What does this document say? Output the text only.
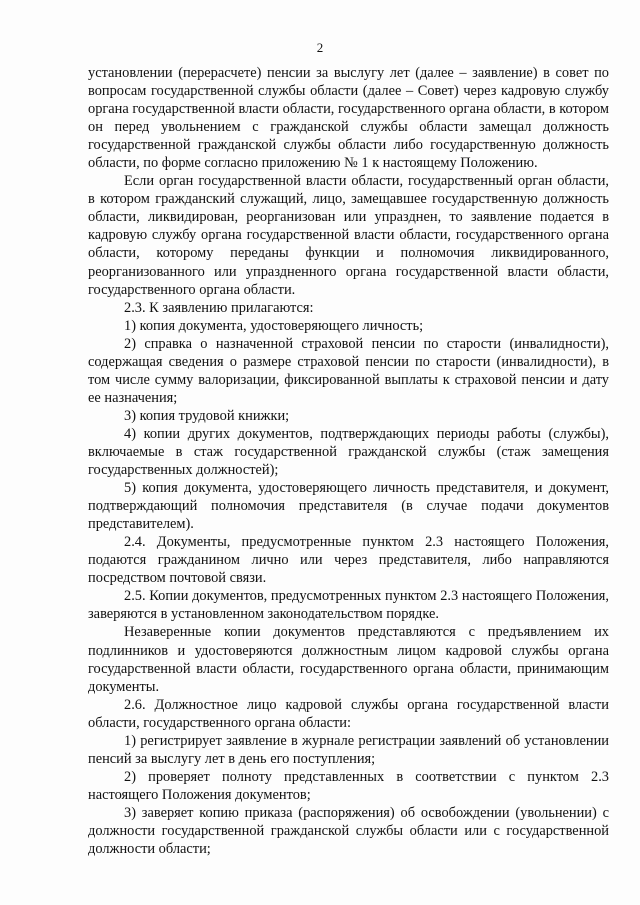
2

установлении (перерасчете) пенсии за выслугу лет (далее – заявление) в совет по вопросам государственной службы области (далее – Совет) через кадровую службу органа государственной власти области, государственного органа области, в котором он перед увольнением с гражданской службы области замещал должность государственной гражданской службы области либо государственную должность области, по форме согласно приложению № 1 к настоящему Положению.

Если орган государственной власти области, государственный орган области, в котором гражданский служащий, лицо, замещавшее государственную должность области, ликвидирован, реорганизован или упразднен, то заявление подается в кадровую службу органа государственной власти области, государственного органа области, которому переданы функции и полномочия ликвидированного, реорганизованного или упраздненного органа государственной власти области, государственного органа области.

2.3. К заявлению прилагаются:

1) копия документа, удостоверяющего личность;

2) справка о назначенной страховой пенсии по старости (инвалидности), содержащая сведения о размере страховой пенсии по старости (инвалидности), в том числе сумму валоризации, фиксированной выплаты к страховой пенсии и дату ее назначения;

3) копия трудовой книжки;

4) копии других документов, подтверждающих периоды работы (службы), включаемые в стаж государственной гражданской службы (стаж замещения государственных должностей);

5) копия документа, удостоверяющего личность представителя, и документ, подтверждающий полномочия представителя (в случае подачи документов представителем).

2.4. Документы, предусмотренные пунктом 2.3 настоящего Положения, подаются гражданином лично или через представителя, либо направляются посредством почтовой связи.

2.5. Копии документов, предусмотренных пунктом 2.3 настоящего Положения, заверяются в установленном законодательством порядке.

Незаверенные копии документов представляются с предъявлением их подлинников и удостоверяются должностным лицом кадровой службы органа государственной власти области, государственного органа области, принимающим документы.

2.6. Должностное лицо кадровой службы органа государственной власти области, государственного органа области:

1) регистрирует заявление в журнале регистрации заявлений об установлении пенсий за выслугу лет в день его поступления;

2) проверяет полноту представленных в соответствии с пунктом 2.3 настоящего Положения документов;

3) заверяет копию приказа (распоряжения) об освобождении (увольнении) с должности государственной гражданской службы области или с государственной должности области;
